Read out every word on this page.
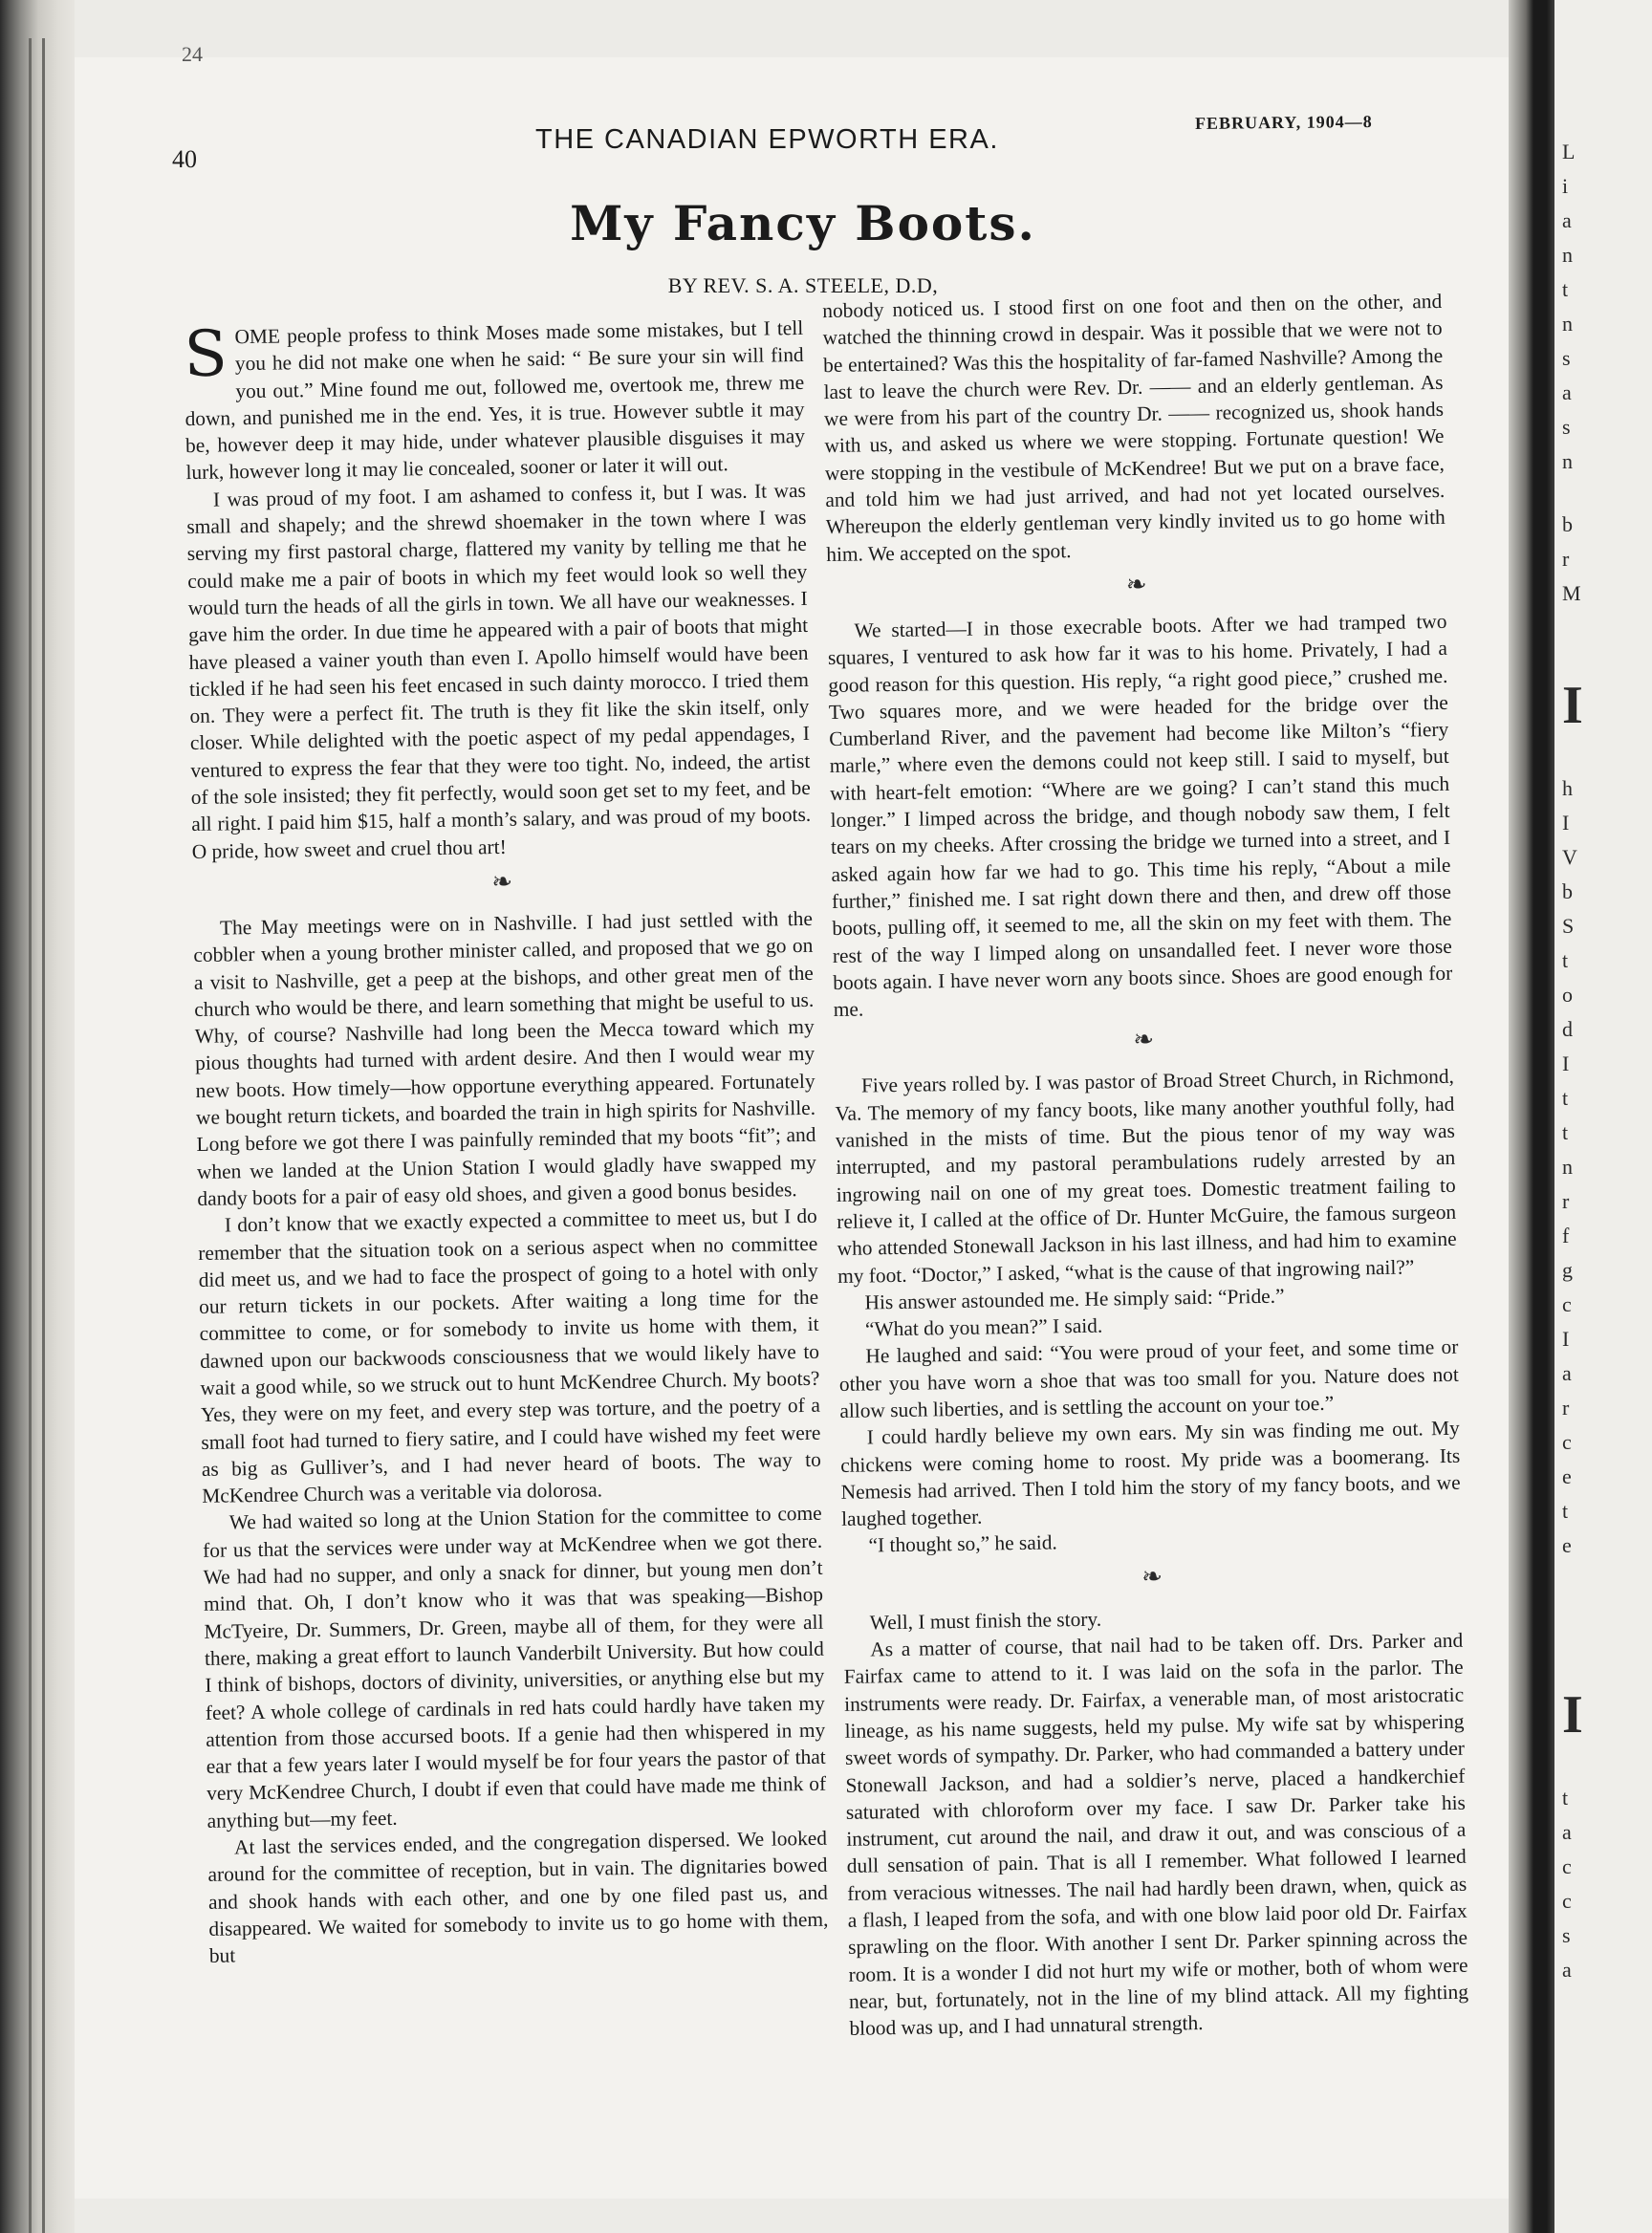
24
40
THE CANADIAN EPWORTH ERA.
FEBRUARY, 1904—8
My Fancy Boots.
BY REV. S. A. STEELE, D.D,

SOME people profess to think Moses made some mistakes, but I tell you he did not make one when he said: “ Be sure your sin will find you out.” Mine found me out, followed me, overtook me, threw me down, and punished me in the end. Yes, it is true. However subtle it may be, however deep it may hide, under whatever plausible disguises it may lurk, however long it may lie concealed, sooner or later it will out.

I was proud of my foot. I am ashamed to confess it, but I was. It was small and shapely; and the shrewd shoemaker in the town where I was serving my first pastoral charge, flattered my vanity by telling me that he could make me a pair of boots in which my feet would look so well they would turn the heads of all the girls in town. We all have our weaknesses. I gave him the order. In due time he appeared with a pair of boots that might have pleased a vainer youth than even I. Apollo himself would have been tickled if he had seen his feet encased in such dainty morocco. I tried them on. They were a perfect fit. The truth is they fit like the skin itself, only closer. While delighted with the poetic aspect of my pedal appendages, I ventured to express the fear that they were too tight. No, indeed, the artist of the sole insisted; they fit perfectly, would soon get set to my feet, and be all right. I paid him $15, half a month’s salary, and was proud of my boots. O pride, how sweet and cruel thou art!

❧

The May meetings were on in Nashville. I had just settled with the cobbler when a young brother minister called, and proposed that we go on a visit to Nashville, get a peep at the bishops, and other great men of the church who would be there, and learn something that might be useful to us. Why, of course? Nashville had long been the Mecca toward which my pious thoughts had turned with ardent desire. And then I would wear my new boots. How timely—how opportune everything appeared. Fortunately we bought return tickets, and boarded the train in high spirits for Nashville. Long before we got there I was painfully reminded that my boots “fit”; and when we landed at the Union Station I would gladly have swapped my dandy boots for a pair of easy old shoes, and given a good bonus besides.

I don’t know that we exactly expected a committee to meet us, but I do remember that the situation took on a serious aspect when no committee did meet us, and we had to face the prospect of going to a hotel with only our return tickets in our pockets. After waiting a long time for the committee to come, or for somebody to invite us home with them, it dawned upon our backwoods consciousness that we would likely have to wait a good while, so we struck out to hunt McKendree Church. My boots? Yes, they were on my feet, and every step was torture, and the poetry of a small foot had turned to fiery satire, and I could have wished my feet were as big as Gulliver’s, and I had never heard of boots. The way to McKendree Church was a veritable via dolorosa.

We had waited so long at the Union Station for the committee to come for us that the services were under way at McKendree when we got there. We had had no supper, and only a snack for dinner, but young men don’t mind that. Oh, I don’t know who it was that was speaking—Bishop McTyeire, Dr. Summers, Dr. Green, maybe all of them, for they were all there, making a great effort to launch Vanderbilt University. But how could I think of bishops, doctors of divinity, universities, or anything else but my feet? A whole college of cardinals in red hats could hardly have taken my attention from those accursed boots. If a genie had then whispered in my ear that a few years later I would myself be for four years the pastor of that very McKendree Church, I doubt if even that could have made me think of anything but—my feet.

At last the services ended, and the congregation dispersed. We looked around for the committee of reception, but in vain. The dignitaries bowed and shook hands with each other, and one by one filed past us, and disappeared. We waited for somebody to invite us to go home with them, but

nobody noticed us. I stood first on one foot and then on the other, and watched the thinning crowd in despair. Was it possible that we were not to be entertained? Was this the hospitality of far-famed Nashville? Among the last to leave the church were Rev. Dr. —— and an elderly gentleman. As we were from his part of the country Dr. —— recognized us, shook hands with us, and asked us where we were stopping. Fortunate question! We were stopping in the vestibule of McKendree! But we put on a brave face, and told him we had just arrived, and had not yet located ourselves. Whereupon the elderly gentleman very kindly invited us to go home with him. We accepted on the spot.

❧

We started—I in those execrable boots. After we had tramped two squares, I ventured to ask how far it was to his home. Privately, I had a good reason for this question. His reply, “a right good piece,” crushed me. Two squares more, and we were headed for the bridge over the Cumberland River, and the pavement had become like Milton’s “fiery marle,” where even the demons could not keep still. I said to myself, but with heart-felt emotion: “Where are we going? I can’t stand this much longer.” I limped across the bridge, and though nobody saw them, I felt tears on my cheeks. After crossing the bridge we turned into a street, and I asked again how far we had to go. This time his reply, “About a mile further,” finished me. I sat right down there and then, and drew off those boots, pulling off, it seemed to me, all the skin on my feet with them. The rest of the way I limped along on unsandalled feet. I never wore those boots again. I have never worn any boots since. Shoes are good enough for me.

❧

Five years rolled by. I was pastor of Broad Street Church, in Richmond, Va. The memory of my fancy boots, like many another youthful folly, had vanished in the mists of time. But the pious tenor of my way was interrupted, and my pastoral perambulations rudely arrested by an ingrowing nail on one of my great toes. Domestic treatment failing to relieve it, I called at the office of Dr. Hunter McGuire, the famous surgeon who attended Stonewall Jackson in his last illness, and had him to examine my foot. “Doctor,” I asked, “what is the cause of that ingrowing nail?”

His answer astounded me. He simply said: “Pride.”

“What do you mean?” I said.

He laughed and said: “You were proud of your feet, and some time or other you have worn a shoe that was too small for you. Nature does not allow such liberties, and is settling the account on your toe.”

I could hardly believe my own ears. My sin was finding me out. My chickens were coming home to roost. My pride was a boomerang. Its Nemesis had arrived. Then I told him the story of my fancy boots, and we laughed together.

“I thought so,” he said.

❧

Well, I must finish the story.

As a matter of course, that nail had to be taken off. Drs. Parker and Fairfax came to attend to it. I was laid on the sofa in the parlor. The instruments were ready. Dr. Fairfax, a venerable man, of most aristocratic lineage, as his name suggests, held my pulse. My wife sat by whispering sweet words of sympathy. Dr. Parker, who had commanded a battery under Stonewall Jackson, and had a soldier’s nerve, placed a handkerchief saturated with chloroform over my face. I saw Dr. Parker take his instrument, cut around the nail, and draw it out, and was conscious of a dull sensation of pain. That is all I remember. What followed I learned from veracious witnesses. The nail had hardly been drawn, when, quick as a flash, I leaped from the sofa, and with one blow laid poor old Dr. Fairfax sprawling on the floor. With another I sent Dr. Parker spinning across the room. It is a wonder I did not hurt my wife or mother, both of whom were near, but, fortunately, not in the line of my blind attack. All my fighting blood was up, and I had unnatural strength.

L
i
a
n
t
n
s
a
s
n
b
r
M
I
h
I
V
b
S
t
o
d
I
t
t
n
r
f
g
c
I
a
r
c
e
t
e
I
t
a
c
c
s
a
